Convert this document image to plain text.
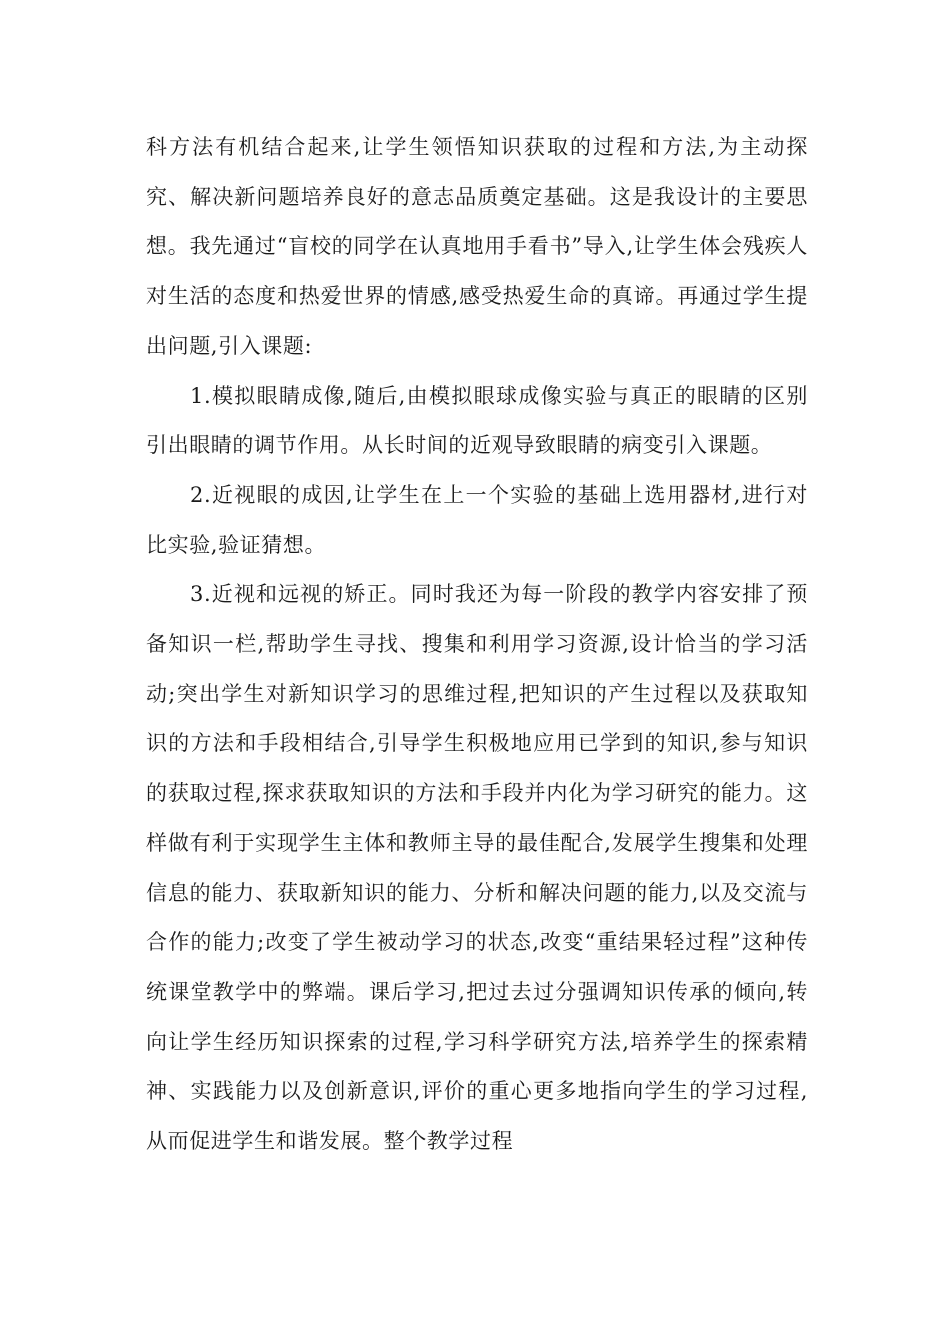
科方法有机结合起来,让学生领悟知识获取的过程和方法,为主动探究、解决新问题培养良好的意志品质奠定基础。这是我设计的主要思想。我先通过“盲校的同学在认真地用手看书”导入,让学生体会残疾人对生活的态度和热爱世界的情感,感受热爱生命的真谛。再通过学生提出问题,引入课题:

1.模拟眼睛成像,随后,由模拟眼球成像实验与真正的眼睛的区别引出眼睛的调节作用。从长时间的近观导致眼睛的病变引入课题。

2.近视眼的成因,让学生在上一个实验的基础上选用器材,进行对比实验,验证猜想。

3.近视和远视的矫正。同时我还为每一阶段的教学内容安排了预备知识一栏,帮助学生寻找、搜集和利用学习资源,设计恰当的学习活动;突出学生对新知识学习的思维过程,把知识的产生过程以及获取知识的方法和手段相结合,引导学生积极地应用已学到的知识,参与知识的获取过程,探求获取知识的方法和手段并内化为学习研究的能力。这样做有利于实现学生主体和教师主导的最佳配合,发展学生搜集和处理信息的能力、获取新知识的能力、分析和解决问题的能力,以及交流与合作的能力;改变了学生被动学习的状态,改变“重结果轻过程”这种传统课堂教学中的弊端。课后学习,把过去过分强调知识传承的倾向,转向让学生经历知识探索的过程,学习科学研究方法,培养学生的探索精神、实践能力以及创新意识,评价的重心更多地指向学生的学习过程,从而促进学生和谐发展。整个教学过程
